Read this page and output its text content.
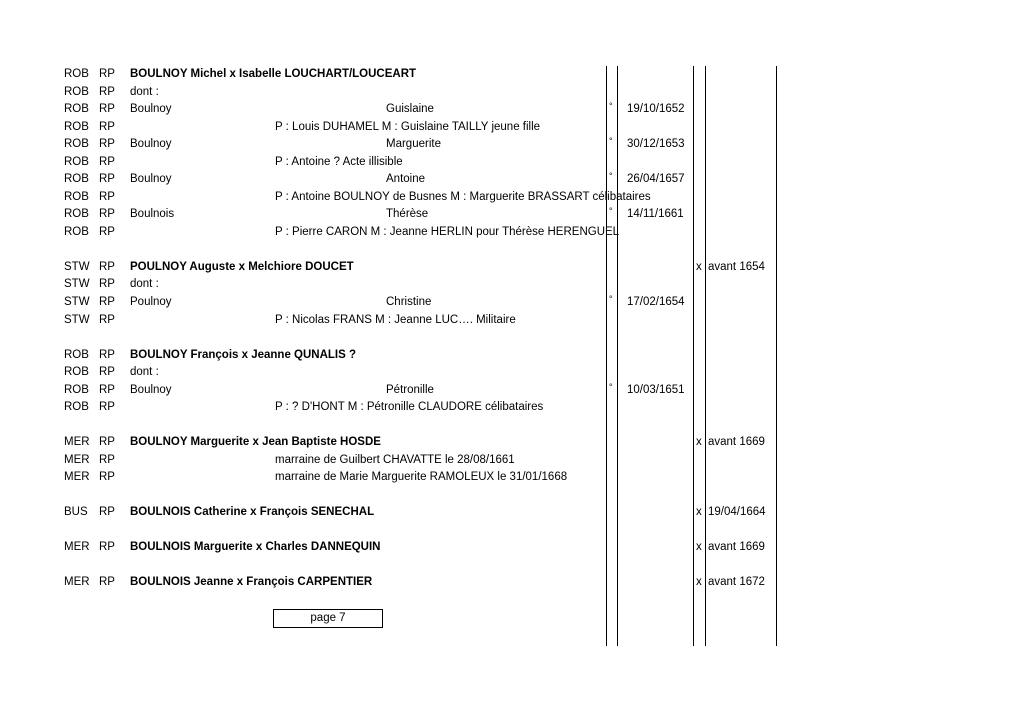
ROB RP BOULNOY Michel x Isabelle LOUCHART/LOUCEART
ROB RP dont :
ROB RP Boulnoy	Guislaine	° 19/10/1652
ROB RP	P : Louis DUHAMEL M : Guislaine TAILLY jeune fille
ROB RP Boulnoy	Marguerite	° 30/12/1653
ROB RP	P : Antoine ? Acte illisible
ROB RP Boulnoy	Antoine	° 26/04/1657
ROB RP	P : Antoine BOULNOY de Busnes M : Marguerite BRASSART célibataires
ROB RP Boulnois	Thérèse	° 14/11/1661
ROB RP	P : Pierre CARON M : Jeanne HERLIN pour Thérèse HERENGUEL
STW RP POULNOY Auguste x Melchiore DOUCET	x avant 1654
STW RP dont :
STW RP Poulnoy	Christine	° 17/02/1654
STW RP	P : Nicolas FRANS M : Jeanne LUC…. Militaire
ROB RP BOULNOY François x Jeanne QUNALIS ?
ROB RP dont :
ROB RP Boulnoy	Pétronille	° 10/03/1651
ROB RP	P : ? D'HONT M : Pétronille CLAUDORE célibataires
MER RP BOULNOY Marguerite x Jean Baptiste HOSDE	x avant 1669
MER RP	marraine de Guilbert CHAVATTE le 28/08/1661
MER RP	marraine de Marie Marguerite RAMOLEUX le 31/01/1668
BUS RP BOULNOIS Catherine x François SENECHAL	x 19/04/1664
MER RP BOULNOIS Marguerite x Charles DANNEQUIN	x avant 1669
MER RP BOULNOIS Jeanne x François CARPENTIER	x avant 1672
page 7
